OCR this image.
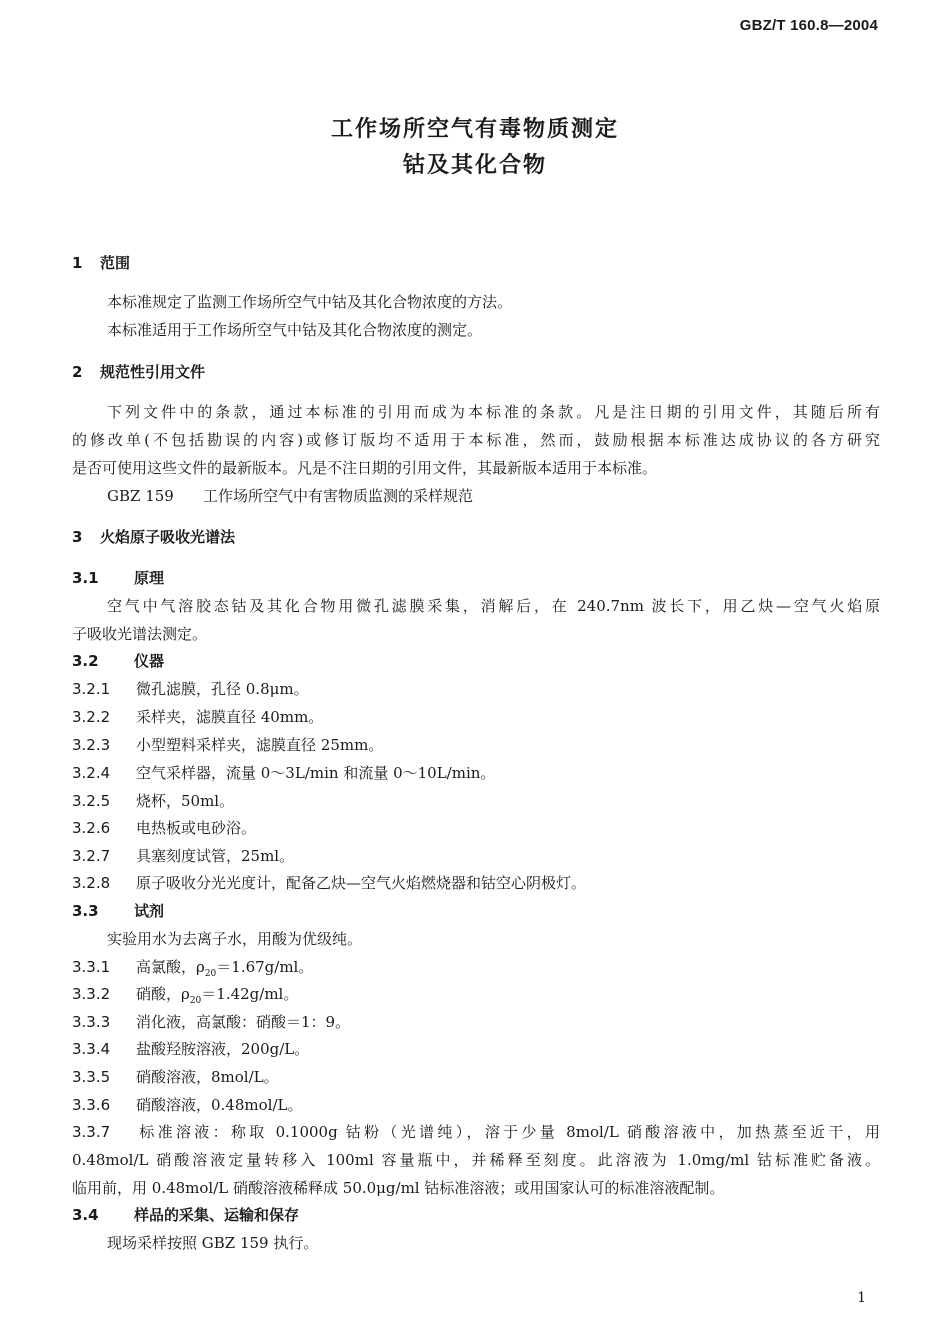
GBZ/T 160.8—2004
工作场所空气有毒物质测定
钴及其化合物
1 范围
本标准规定了监测工作场所空气中钴及其化合物浓度的方法。
本标准适用于工作场所空气中钴及其化合物浓度的测定。
2 规范性引用文件
下列文件中的条款，通过本标准的引用而成为本标准的条款。凡是注日期的引用文件，其随后所有
的修改单(不包括勘误的内容)或修订版均不适用于本标准，然而，鼓励根据本标准达成协议的各方研究
是否可使用这些文件的最新版本。凡是不注日期的引用文件，其最新版本适用于本标准。
GBZ 159 工作场所空气中有害物质监测的采样规范
3 火焰原子吸收光谱法
3.1 原理
空气中气溶胶态钴及其化合物用微孔滤膜采集，消解后，在 240.7nm 波长下，用乙炔—空气火焰原
子吸收光谱法测定。
3.2 仪器
3.2.1 微孔滤膜，孔径 0.8μm。
3.2.2 采样夹，滤膜直径 40mm。
3.2.3 小型塑料采样夹，滤膜直径 25mm。
3.2.4 空气采样器，流量 0～3L/min 和流量 0～10L/min。
3.2.5 烧杯，50ml。
3.2.6 电热板或电砂浴。
3.2.7 具塞刻度试管，25ml。
3.2.8 原子吸收分光光度计，配备乙炔—空气火焰燃烧器和钴空心阴极灯。
3.3 试剂
实验用水为去离子水，用酸为优级纯。
3.3.1 高氯酸，$\rho_{20}=1.67g/ml$。
3.3.2 硝酸，$\rho_{20}=1.42g/ml$。
3.3.3 消化液，高氯酸：硝酸＝1：9。
3.3.4 盐酸羟胺溶液，200g/L。
3.3.5 硝酸溶液，8mol/L。
3.3.6 硝酸溶液，0.48mol/L。
3.3.7 标准溶液：称取 0.1000g 钴粉（光谱纯），溶于少量 8mol/L 硝酸溶液中，加热蒸至近干，用
0.48mol/L 硝酸溶液定量转移入 100ml 容量瓶中，并稀释至刻度。此溶液为 1.0mg/ml 钴标准贮备液。
临用前，用 0.48mol/L 硝酸溶液稀释成 50.0μg/ml 钴标准溶液；或用国家认可的标准溶液配制。
3.4 样品的采集、运输和保存
现场采样按照 GBZ 159 执行。
1
